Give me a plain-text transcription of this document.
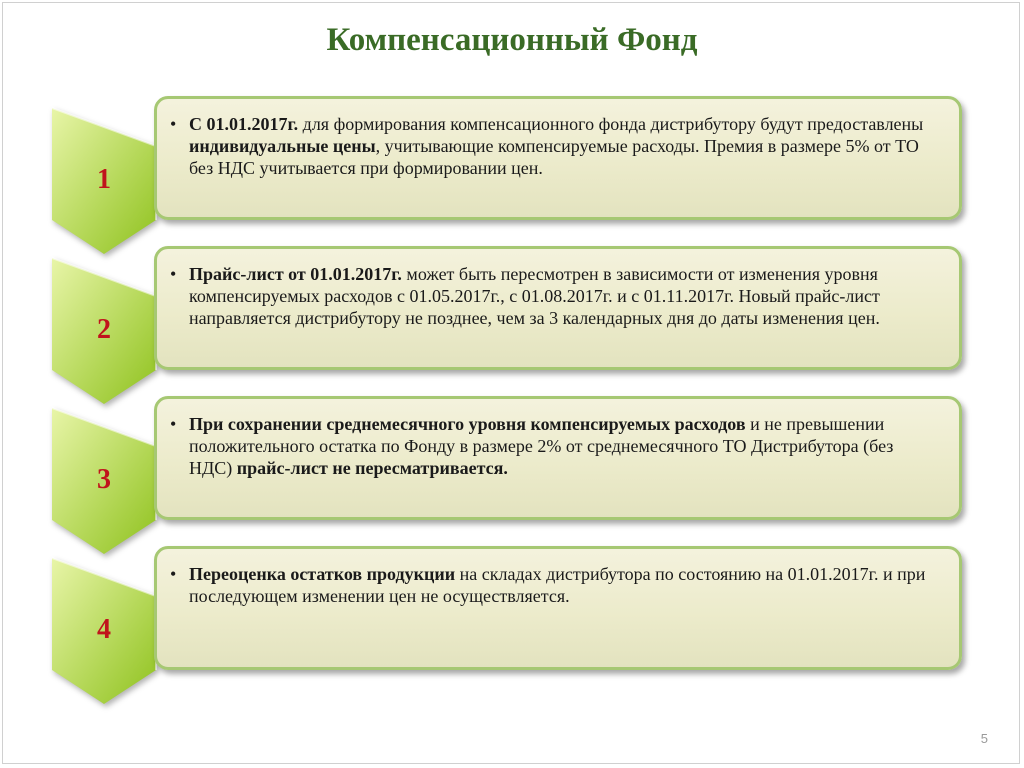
Компенсационный Фонд
1
• С 01.01.2017г. для формирования компенсационного фонда дистрибутору будут предоставлены индивидуальные цены, учитывающие компенсируемые расходы. Премия в размере 5% от ТО без НДС учитывается при формировании цен.
2
• Прайс-лист от 01.01.2017г. может быть пересмотрен в зависимости от изменения уровня компенсируемых расходов с 01.05.2017г., с 01.08.2017г. и с 01.11.2017г. Новый прайс-лист направляется дистрибутору не позднее, чем за 3 календарных дня до даты изменения цен.
3
• При сохранении среднемесячного уровня компенсируемых расходов и не превышении положительного остатка по Фонду в размере 2% от среднемесячного ТО Дистрибутора (без НДС) прайс-лист не пересматривается.
4
• Переоценка остатков продукции на складах дистрибутора по состоянию на 01.01.2017г. и при последующем изменении цен не осуществляется.
5
